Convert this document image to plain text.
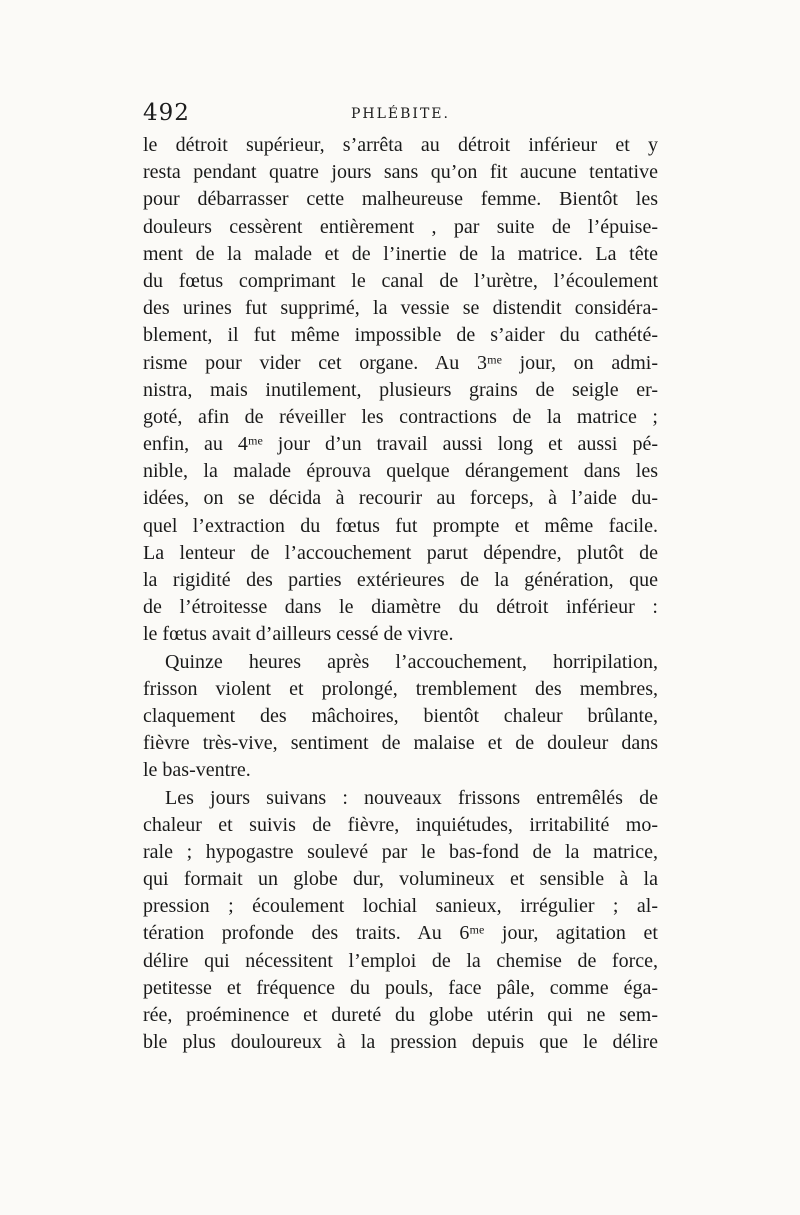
492	PHLÉBITE.
le détroit supérieur, s’arrêta au détroit inférieur et y
resta pendant quatre jours sans qu’on fit aucune tentative
pour débarrasser cette malheureuse femme. Bientôt les
douleurs cessèrent entièrement , par suite de l’épuise-
ment de la malade et de l’inertie de la matrice. La tête
du fœtus comprimant le canal de l’urètre, l’écoulement
des urines fut supprimé, la vessie se distendit considéra-
blement, il fut même impossible de s’aider du cathété-
risme pour vider cet organe. Au 3ᵐᵉ jour, on admi-
nistra, mais inutilement, plusieurs grains de seigle er-
goté, afin de réveiller les contractions de la matrice ;
enfin, au 4ᵐᵉ jour d’un travail aussi long et aussi pé-
nible, la malade éprouva quelque dérangement dans les
idées, on se décida à recourir au forceps, à l’aide du-
quel l’extraction du fœtus fut prompte et même facile.
La lenteur de l’accouchement parut dépendre, plutôt de
la rigidité des parties extérieures de la génération, que
de l’étroitesse dans le diamètre du détroit inférieur :
le fœtus avait d’ailleurs cessé de vivre.
Quinze heures après l’accouchement, horripilation,
frisson violent et prolongé, tremblement des membres,
claquement des mâchoires, bientôt chaleur brûlante,
fièvre très-vive, sentiment de malaise et de douleur dans
le bas-ventre.
Les jours suivans : nouveaux frissons entremêlés de
chaleur et suivis de fièvre, inquiétudes, irritabilité mo-
rale ; hypogastre soulevé par le bas-fond de la matrice,
qui formait un globe dur, volumineux et sensible à la
pression ; écoulement lochial sanieux, irrégulier ; al-
tération profonde des traits. Au 6ᵐᵉ jour, agitation et
délire qui nécessitent l’emploi de la chemise de force,
petitesse et fréquence du pouls, face pâle, comme éga-
rée, proéminence et dureté du globe utérin qui ne sem-
ble plus douloureux à la pression depuis que le délire
